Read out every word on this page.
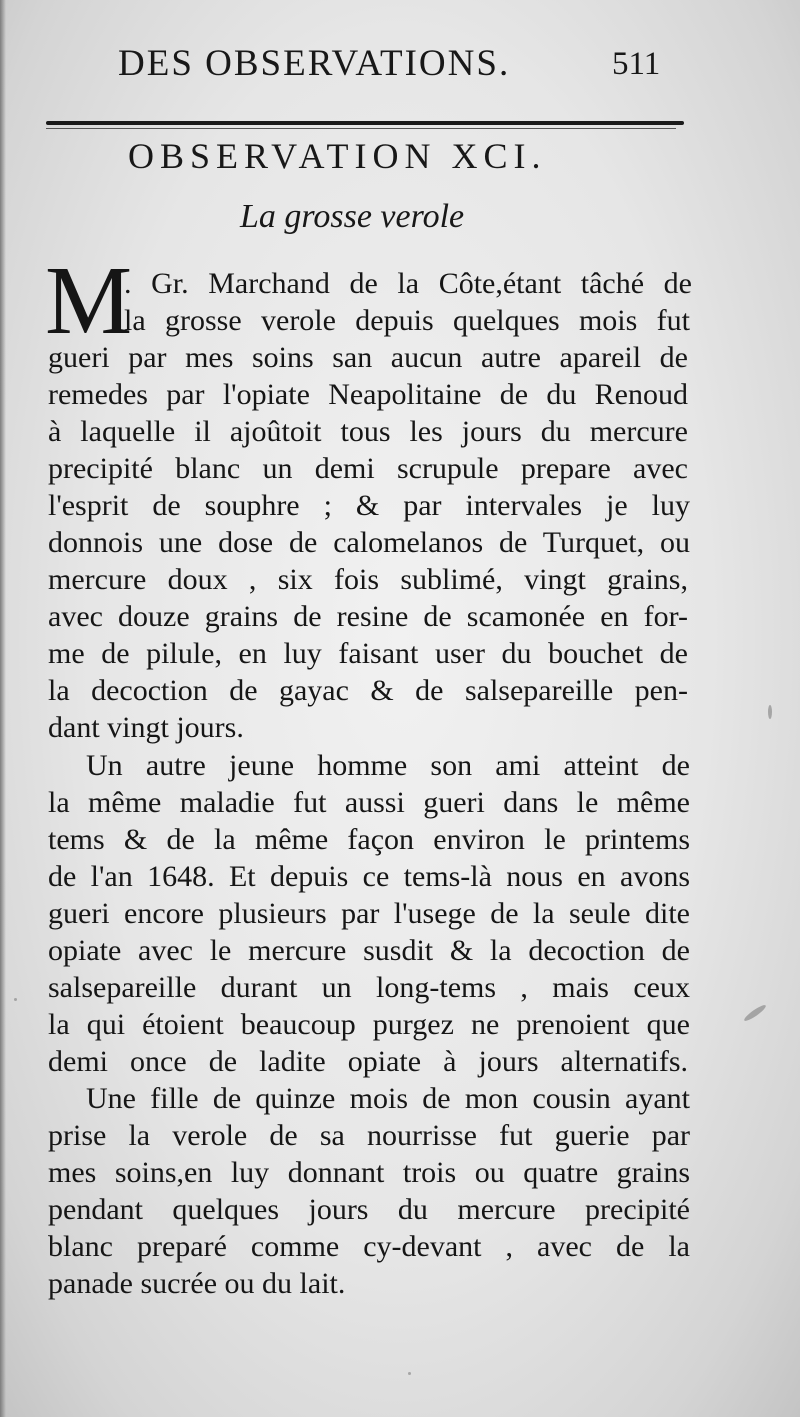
DES OBSERVATIONS.	511
OBSERVATION XCI.
La grosse verole
M
. Gr. Marchand de la Côte,étant tâché de
la grosse verole depuis quelques mois fut
gueri par mes soins san aucun autre apareil de
remedes par l'opiate Neapolitaine de du Renoud
à laquelle il ajoûtoit tous les jours du mercure
precipité blanc un demi scrupule prepare avec
l'esprit de souphre ; & par intervales je luy
donnois une dose de calomelanos de Turquet, ou
mercure doux , six fois sublimé, vingt grains,
avec douze grains de resine de scamonée en for-
me de pilule, en luy faisant user du bouchet de
la decoction de gayac & de salsepareille pen-
dant vingt jours.
Un autre jeune homme son ami atteint de
la même maladie fut aussi gueri dans le même
tems & de la même façon environ le printems
de l'an 1648. Et depuis ce tems-là nous en avons
gueri encore plusieurs par l'usege de la seule dite
opiate avec le mercure susdit & la decoction de
salsepareille durant un long-tems , mais ceux
la qui étoient beaucoup purgez ne prenoient que
demi once de ladite opiate à jours alternatifs.
Une fille de quinze mois de mon cousin ayant
prise la verole de sa nourrisse fut guerie par
mes soins,en luy donnant trois ou quatre grains
pendant quelques jours du mercure precipité
blanc preparé comme cy-devant , avec de la
panade sucrée ou du lait.
